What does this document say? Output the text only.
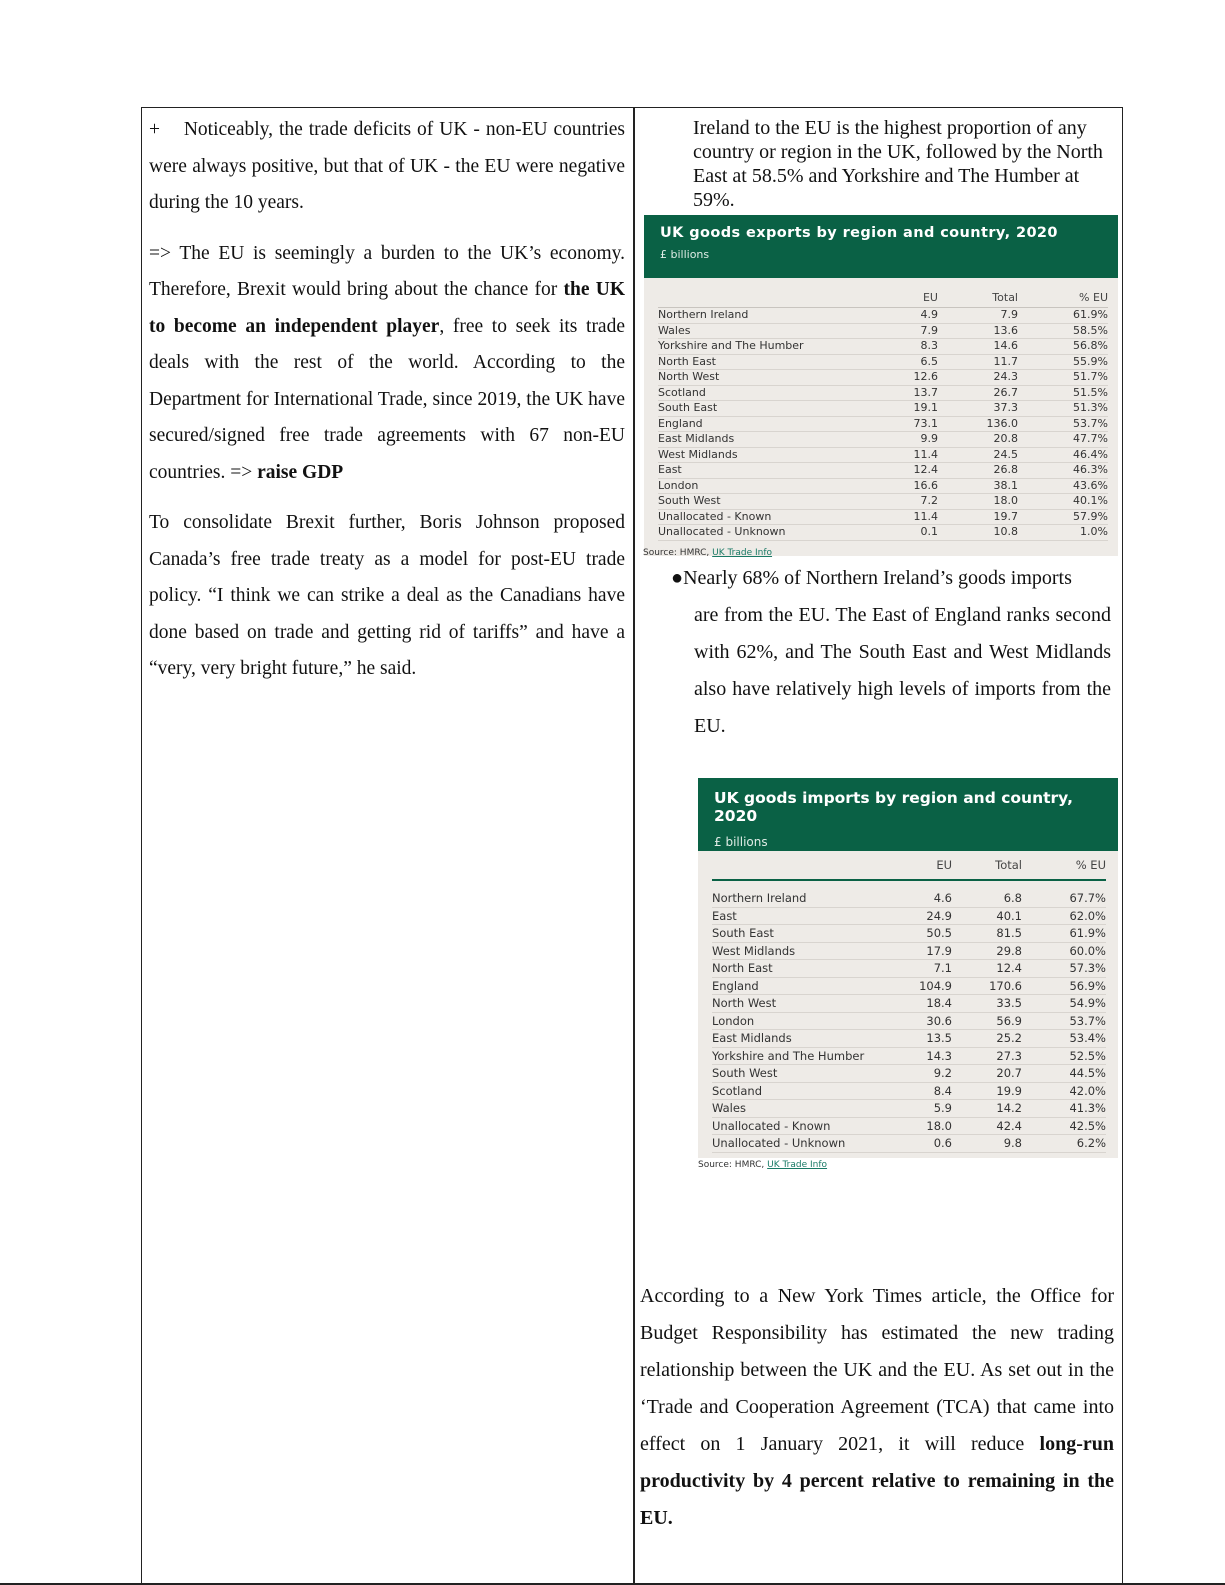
+ Noticeably, the trade deficits of UK - non-EU countries were always positive, but that of UK - the EU were negative during the 10 years.

=> The EU is seemingly a burden to the UK’s economy. Therefore, Brexit would bring about the chance for the UK to become an independent player, free to seek its trade deals with the rest of the world. According to the Department for International Trade, since 2019, the UK have secured/signed free trade agreements with 67 non-EU countries. => raise GDP

To consolidate Brexit further, Boris Johnson proposed Canada’s free trade treaty as a model for post-EU trade policy. “I think we can strike a deal as the Canadians have done based on trade and getting rid of tariffs” and have a “very, very bright future,” he said.

Ireland to the EU is the highest proportion of any country or region in the UK, followed by the North East at 58.5% and Yorkshire and The Humber at 59%.
UK goods exports by region and country, 2020
£ billions
	EU	Total	% EU
Northern Ireland	4.9	7.9	61.9%
Wales	7.9	13.6	58.5%
Yorkshire and The Humber	8.3	14.6	56.8%
North East	6.5	11.7	55.9%
North West	12.6	24.3	51.7%
Scotland	13.7	26.7	51.5%
South East	19.1	37.3	51.3%
England	73.1	136.0	53.7%
East Midlands	9.9	20.8	47.7%
West Midlands	11.4	24.5	46.4%
East	12.4	26.8	46.3%
London	16.6	38.1	43.6%
South West	7.2	18.0	40.1%
Unallocated - Known	11.4	19.7	57.9%
Unallocated - Unknown	0.1	10.8	1.0%
Source: HMRC, UK Trade Info
●Nearly 68% of Northern Ireland’s goods imports
are from the EU. The East of England ranks second with 62%, and The South East and West Midlands also have relatively high levels of imports from the EU.
UK goods imports by region and country, 2020
£ billions
	EU	Total	% EU

Northern Ireland	4.6	6.8	67.7%
East	24.9	40.1	62.0%
South East	50.5	81.5	61.9%
West Midlands	17.9	29.8	60.0%
North East	7.1	12.4	57.3%
England	104.9	170.6	56.9%
North West	18.4	33.5	54.9%
London	30.6	56.9	53.7%
East Midlands	13.5	25.2	53.4%
Yorkshire and The Humber	14.3	27.3	52.5%
South West	9.2	20.7	44.5%
Scotland	8.4	19.9	42.0%
Wales	5.9	14.2	41.3%
Unallocated - Known	18.0	42.4	42.5%
Unallocated - Unknown	0.6	9.8	6.2%
Source: HMRC, UK Trade Info
According to a New York Times article, the Office for Budget Responsibility has estimated the new trading relationship between the UK and the EU. As set out in the ‘Trade and Cooperation Agreement (TCA) that came into effect on 1 January 2021, it will reduce long-run productivity by 4 percent relative to remaining in the EU.
